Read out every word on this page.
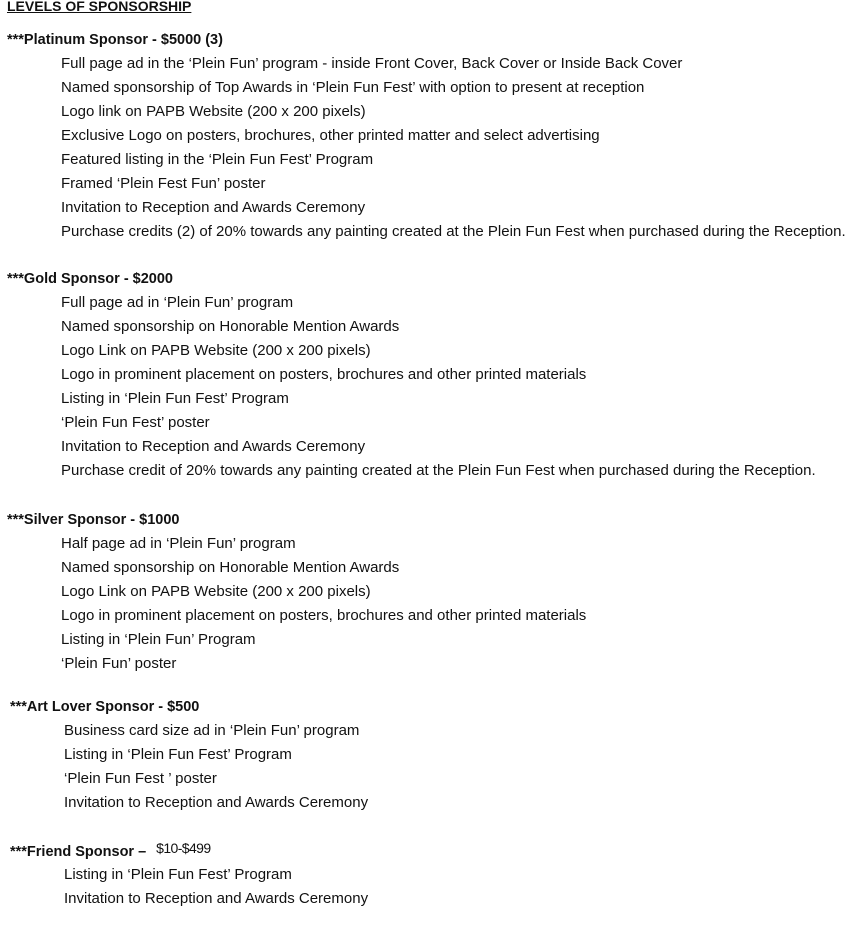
LEVELS OF SPONSORSHIP
***Platinum Sponsor - $5000 (3)
Full page ad in the ‘Plein Fun’ program - inside Front Cover, Back Cover or Inside Back Cover
Named sponsorship of Top Awards in ‘Plein Fun Fest’ with option to present at reception
Logo link on PAPB Website (200 x 200 pixels)
Exclusive Logo on posters, brochures, other printed matter and select advertising
Featured listing in the ‘Plein Fun Fest’ Program
Framed ‘Plein Fest Fun’ poster
Invitation to Reception and Awards Ceremony
Purchase credits (2) of 20% towards any painting created at the Plein Fun Fest when purchased during the Reception.
***Gold Sponsor - $2000
Full page ad in ‘Plein Fun’ program
Named sponsorship on Honorable Mention Awards
Logo Link on PAPB Website (200 x 200 pixels)
Logo in prominent placement on posters, brochures and other printed materials
Listing in ‘Plein Fun Fest’ Program
‘Plein Fun Fest’ poster
Invitation to Reception and Awards Ceremony
Purchase credit of 20% towards any painting created at the Plein Fun Fest when purchased during the Reception.
***Silver Sponsor - $1000
Half page ad in ‘Plein Fun’ program
Named sponsorship on Honorable Mention Awards
Logo Link on PAPB Website (200 x 200 pixels)
Logo in prominent placement on posters, brochures and other printed materials
Listing in ‘Plein Fun’ Program
‘Plein Fun’ poster
***Art Lover Sponsor - $500
Business card size ad in ‘Plein Fun’ program
Listing in ‘Plein Fun Fest’ Program
‘Plein Fun Fest ’ poster
Invitation to Reception and Awards Ceremony
***Friend Sponsor – $10-$499
Listing in ‘Plein Fun Fest’ Program
Invitation to Reception and Awards Ceremony
